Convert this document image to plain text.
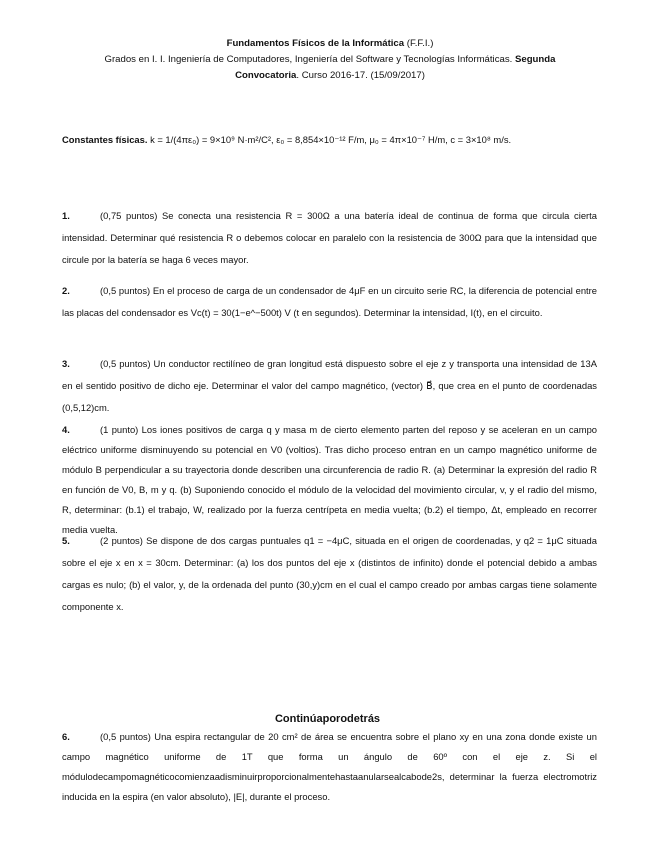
Fundamentos Físicos de la Informática (F.F.I.)
Grados en I. I. Ingeniería de Computadores, Ingeniería del Software y Tecnologías Informáticas. Segunda
Convocatoria. Curso 2016-17. (15/09/2017)
Constantes físicas. k = 1/(4πε₀) = 9×10⁹ N·m²/C², ε₀ = 8,854×10⁻¹² F/m, μ₀ = 4π×10⁻⁷ H/m, c = 3×10⁸ m/s.
1.	(0,75 puntos) Se conecta una resistencia R = 300Ω a una batería ideal de continua de forma que circula cierta intensidad. Determinar qué resistencia R o debemos colocar en paralelo con la resistencia de 300Ω para que la intensidad que circule por la batería se haga 6 veces mayor.
2.	(0,5 puntos) En el proceso de carga de un condensador de 4μF en un circuito serie RC, la diferencia de potencial entre las placas del condensador es Vc(t) = 30(1−e^−500t) V (t en segundos). Determinar la intensidad, I(t), en el circuito.
3.	(0,5 puntos) Un conductor rectilíneo de gran longitud está dispuesto sobre el eje z y transporta una intensidad de 13A en el sentido positivo de dicho eje. Determinar el valor del campo magnético, (vector) B⃗, que crea en el punto de coordenadas (0,5,12)cm.
4.	(1 punto) Los iones positivos de carga q y masa m de cierto elemento parten del reposo y se aceleran en un campo eléctrico uniforme disminuyendo su potencial en V0 (voltios). Tras dicho proceso entran en un campo magnético uniforme de módulo B perpendicular a su trayectoria donde describen una circunferencia de radio R. (a) Determinar la expresión del radio R en función de V0, B, m y q. (b) Suponiendo conocido el módulo de la velocidad del movimiento circular, v, y el radio del mismo, R, determinar: (b.1) el trabajo, W, realizado por la fuerza centrípeta en media vuelta; (b.2) el tiempo, Δt, empleado en recorrer media vuelta.
5.	(2 puntos) Se dispone de dos cargas puntuales q1 = −4μC, situada en el origen de coordenadas, y q2 = 1μC situada sobre el eje x en x = 30cm. Determinar: (a) los dos puntos del eje x (distintos de infinito) donde el potencial debido a ambas cargas es nulo; (b) el valor, y, de la ordenada del punto (30,y)cm en el cual el campo creado por ambas cargas tiene solamente componente x.
Continúaporodetrás
6.	(0,5 puntos) Una espira rectangular de 20 cm² de área se encuentra sobre el plano xy en una zona donde existe un campo magnético uniforme de 1T que forma un ángulo de 60º con el eje z. Si el módulodecampomagnéticocomienzaadisminuirproporcionalmentehastaanularsealcabode2s, determinar la fuerza electromotriz inducida en la espira (en valor absoluto), |E|, durante el proceso.
